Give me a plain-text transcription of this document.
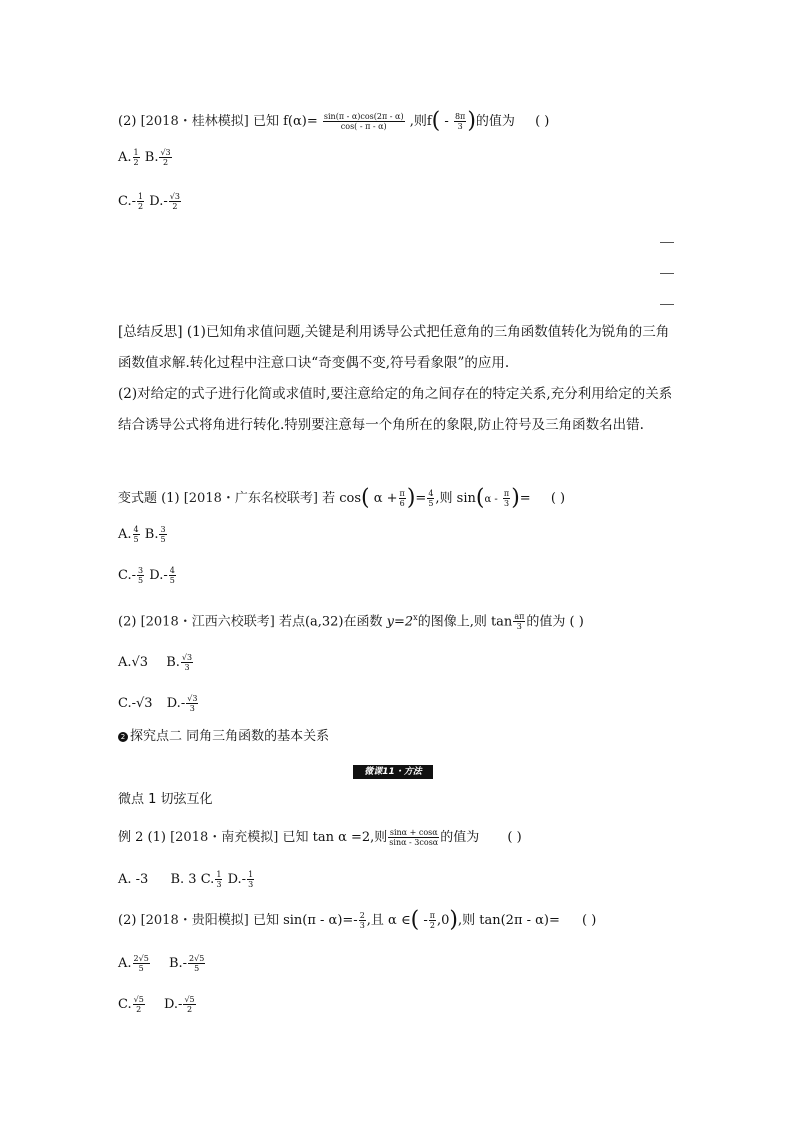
(2) [2018・桂林模拟] 已知 $f(\alpha)= \frac{\sin(\pi - \alpha)\cos(2\pi - \alpha)}{\cos( - \pi - \alpha)}$ ,则$f( - \frac{8\pi}{3}$ )的值为 ( )
A. $\frac{1}{2} B$. $\frac{√3}{2}$
$C.- \frac{1}{2} D.- \frac{√3}{2}$
[总结反思] (1)已知角求值问题,关键是利用诱导公式把任意角的三角函数值转化为锐角的三角函数值求解.转化过程中注意口诀“奇变偶不变,符号看象限”的应用.
(2)对给定的式子进行化简或求值时,要注意给定的角之间存在的特定关系,充分利用给定的关系结合诱导公式将角进行转化.特别要注意每一个角所在的象限,防止符号及三角函数名出错.
变式题 (1) [2018・广东名校联考] 若 cos( $\alpha + \frac{\pi}{6}$ )= $\frac{4}{5}$ ,则 $\sin(\alpha - \frac{\pi}{3}$ )= ( )
A. $\frac{4}{5} B$. $\frac{3}{5}$
$C.- \frac{3}{5} D.- \frac{4}{5}$
(2) [2018・江西六校联考] 若点(a,32)在函数 $y=2^x$的图像上,则 $\tan \frac{a\pi}{3}$ 的值为 ( )
A.√3 B. $\frac{√3}{3}$
C.-√3 $D.- \frac{√3}{3}$
2 探究点二 同角三角函数的基本关系
微课11・方法
微点 1 切弦互化
例 2 (1) [2018・南充模拟] 已知 tan α =2,则 $\frac{\sin\alpha + \cos\alpha}{\sin\alpha - 3\cos\alpha}$ 的值为 ( )
A. -3 B. 3 C. $\frac{1}{3} D.- \frac{1}{3}$
(2) [2018・贵阳模拟] 已知 $\sin(\pi - \alpha)=- \frac{2}{3}$ ,且 α ∈( - $\frac{\pi}{2} ,0$),则 tan(2π - α)= ( )
A. $\frac{2√5}{5} B.- \frac{2√5}{5}$
C. $\frac{√5}{2} D.- \frac{√5}{2}$
